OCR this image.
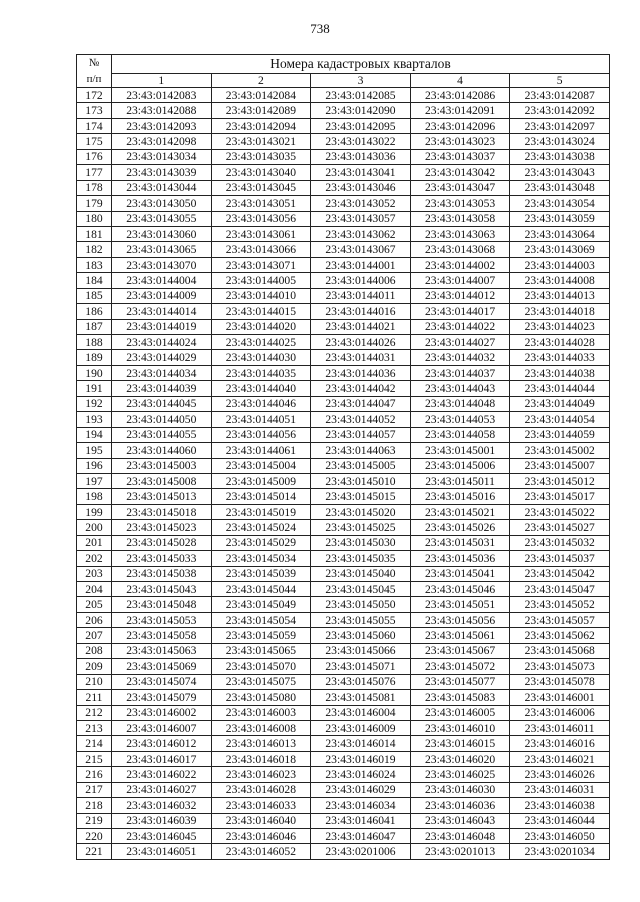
738
№
п/п	Номера кадастровых кварталов				
	1	2	3	4	5
172	23:43:0142083	23:43:0142084	23:43:0142085	23:43:0142086	23:43:0142087
173	23:43:0142088	23:43:0142089	23:43:0142090	23:43:0142091	23:43:0142092
174	23:43:0142093	23:43:0142094	23:43:0142095	23:43:0142096	23:43:0142097
175	23:43:0142098	23:43:0143021	23:43:0143022	23:43:0143023	23:43:0143024
176	23:43:0143034	23:43:0143035	23:43:0143036	23:43:0143037	23:43:0143038
177	23:43:0143039	23:43:0143040	23:43:0143041	23:43:0143042	23:43:0143043
178	23:43:0143044	23:43:0143045	23:43:0143046	23:43:0143047	23:43:0143048
179	23:43:0143050	23:43:0143051	23:43:0143052	23:43:0143053	23:43:0143054
180	23:43:0143055	23:43:0143056	23:43:0143057	23:43:0143058	23:43:0143059
181	23:43:0143060	23:43:0143061	23:43:0143062	23:43:0143063	23:43:0143064
182	23:43:0143065	23:43:0143066	23:43:0143067	23:43:0143068	23:43:0143069
183	23:43:0143070	23:43:0143071	23:43:0144001	23:43:0144002	23:43:0144003
184	23:43:0144004	23:43:0144005	23:43:0144006	23:43:0144007	23:43:0144008
185	23:43:0144009	23:43:0144010	23:43:0144011	23:43:0144012	23:43:0144013
186	23:43:0144014	23:43:0144015	23:43:0144016	23:43:0144017	23:43:0144018
187	23:43:0144019	23:43:0144020	23:43:0144021	23:43:0144022	23:43:0144023
188	23:43:0144024	23:43:0144025	23:43:0144026	23:43:0144027	23:43:0144028
189	23:43:0144029	23:43:0144030	23:43:0144031	23:43:0144032	23:43:0144033
190	23:43:0144034	23:43:0144035	23:43:0144036	23:43:0144037	23:43:0144038
191	23:43:0144039	23:43:0144040	23:43:0144042	23:43:0144043	23:43:0144044
192	23:43:0144045	23:43:0144046	23:43:0144047	23:43:0144048	23:43:0144049
193	23:43:0144050	23:43:0144051	23:43:0144052	23:43:0144053	23:43:0144054
194	23:43:0144055	23:43:0144056	23:43:0144057	23:43:0144058	23:43:0144059
195	23:43:0144060	23:43:0144061	23:43:0144063	23:43:0145001	23:43:0145002
196	23:43:0145003	23:43:0145004	23:43:0145005	23:43:0145006	23:43:0145007
197	23:43:0145008	23:43:0145009	23:43:0145010	23:43:0145011	23:43:0145012
198	23:43:0145013	23:43:0145014	23:43:0145015	23:43:0145016	23:43:0145017
199	23:43:0145018	23:43:0145019	23:43:0145020	23:43:0145021	23:43:0145022
200	23:43:0145023	23:43:0145024	23:43:0145025	23:43:0145026	23:43:0145027
201	23:43:0145028	23:43:0145029	23:43:0145030	23:43:0145031	23:43:0145032
202	23:43:0145033	23:43:0145034	23:43:0145035	23:43:0145036	23:43:0145037
203	23:43:0145038	23:43:0145039	23:43:0145040	23:43:0145041	23:43:0145042
204	23:43:0145043	23:43:0145044	23:43:0145045	23:43:0145046	23:43:0145047
205	23:43:0145048	23:43:0145049	23:43:0145050	23:43:0145051	23:43:0145052
206	23:43:0145053	23:43:0145054	23:43:0145055	23:43:0145056	23:43:0145057
207	23:43:0145058	23:43:0145059	23:43:0145060	23:43:0145061	23:43:0145062
208	23:43:0145063	23:43:0145065	23:43:0145066	23:43:0145067	23:43:0145068
209	23:43:0145069	23:43:0145070	23:43:0145071	23:43:0145072	23:43:0145073
210	23:43:0145074	23:43:0145075	23:43:0145076	23:43:0145077	23:43:0145078
211	23:43:0145079	23:43:0145080	23:43:0145081	23:43:0145083	23:43:0146001
212	23:43:0146002	23:43:0146003	23:43:0146004	23:43:0146005	23:43:0146006
213	23:43:0146007	23:43:0146008	23:43:0146009	23:43:0146010	23:43:0146011
214	23:43:0146012	23:43:0146013	23:43:0146014	23:43:0146015	23:43:0146016
215	23:43:0146017	23:43:0146018	23:43:0146019	23:43:0146020	23:43:0146021
216	23:43:0146022	23:43:0146023	23:43:0146024	23:43:0146025	23:43:0146026
217	23:43:0146027	23:43:0146028	23:43:0146029	23:43:0146030	23:43:0146031
218	23:43:0146032	23:43:0146033	23:43:0146034	23:43:0146036	23:43:0146038
219	23:43:0146039	23:43:0146040	23:43:0146041	23:43:0146043	23:43:0146044
220	23:43:0146045	23:43:0146046	23:43:0146047	23:43:0146048	23:43:0146050
221	23:43:0146051	23:43:0146052	23:43:0201006	23:43:0201013	23:43:0201034
